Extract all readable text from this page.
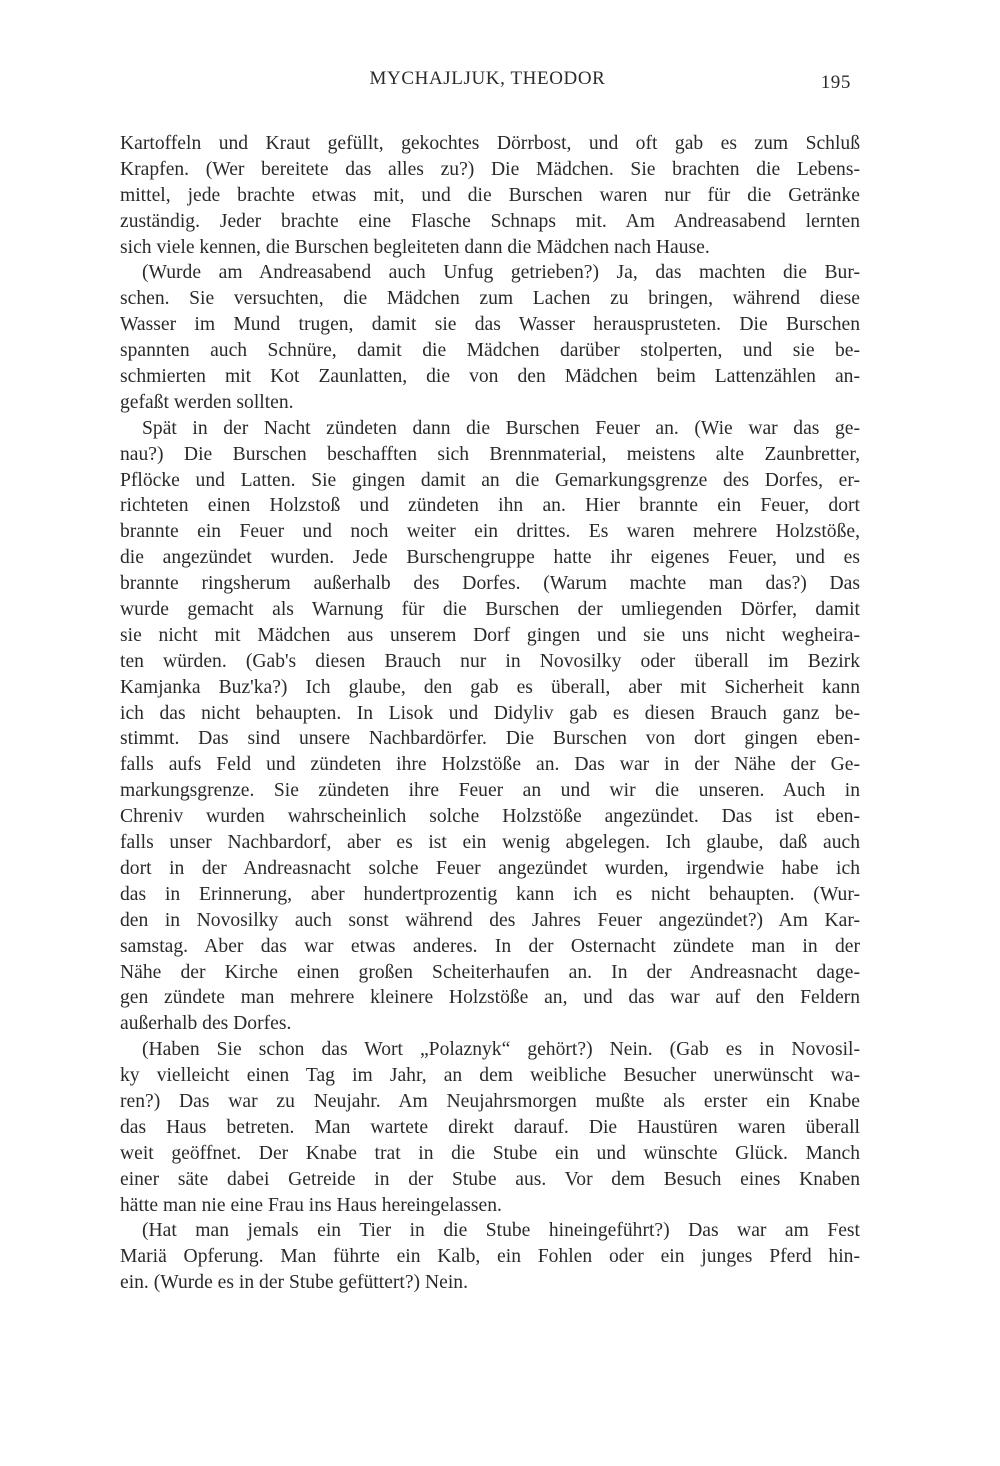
MYCHAJLJUK, THEODOR	195
Kartoffeln und Kraut gefüllt, gekochtes Dörrbost, und oft gab es zum Schluß
Krapfen. (Wer bereitete das alles zu?) Die Mädchen. Sie brachten die Lebens-
mittel, jede brachte etwas mit, und die Burschen waren nur für die Getränke
zuständig. Jeder brachte eine Flasche Schnaps mit. Am Andreasabend lernten
sich viele kennen, die Burschen begleiteten dann die Mädchen nach Hause.
(Wurde am Andreasabend auch Unfug getrieben?) Ja, das machten die Bur-
schen. Sie versuchten, die Mädchen zum Lachen zu bringen, während diese
Wasser im Mund trugen, damit sie das Wasser herausprusteten. Die Burschen
spannten auch Schnüre, damit die Mädchen darüber stolperten, und sie be-
schmierten mit Kot Zaunlatten, die von den Mädchen beim Lattenzählen an-
gefaßt werden sollten.
Spät in der Nacht zündeten dann die Burschen Feuer an. (Wie war das ge-
nau?) Die Burschen beschafften sich Brennmaterial, meistens alte Zaunbretter,
Pflöcke und Latten. Sie gingen damit an die Gemarkungsgrenze des Dorfes, er-
richteten einen Holzstoß und zündeten ihn an. Hier brannte ein Feuer, dort
brannte ein Feuer und noch weiter ein drittes. Es waren mehrere Holzstöße,
die angezündet wurden. Jede Burschengruppe hatte ihr eigenes Feuer, und es
brannte ringsherum außerhalb des Dorfes. (Warum machte man das?) Das
wurde gemacht als Warnung für die Burschen der umliegenden Dörfer, damit
sie nicht mit Mädchen aus unserem Dorf gingen und sie uns nicht wegheira-
ten würden. (Gab's diesen Brauch nur in Novosilky oder überall im Bezirk
Kamjanka Buz'ka?) Ich glaube, den gab es überall, aber mit Sicherheit kann
ich das nicht behaupten. In Lisok und Didyliv gab es diesen Brauch ganz be-
stimmt. Das sind unsere Nachbardörfer. Die Burschen von dort gingen eben-
falls aufs Feld und zündeten ihre Holzstöße an. Das war in der Nähe der Ge-
markungsgrenze. Sie zündeten ihre Feuer an und wir die unseren. Auch in
Chreniv wurden wahrscheinlich solche Holzstöße angezündet. Das ist eben-
falls unser Nachbardorf, aber es ist ein wenig abgelegen. Ich glaube, daß auch
dort in der Andreasnacht solche Feuer angezündet wurden, irgendwie habe ich
das in Erinnerung, aber hundertprozentig kann ich es nicht behaupten. (Wur-
den in Novosilky auch sonst während des Jahres Feuer angezündet?) Am Kar-
samstag. Aber das war etwas anderes. In der Osternacht zündete man in der
Nähe der Kirche einen großen Scheiterhaufen an. In der Andreasnacht dage-
gen zündete man mehrere kleinere Holzstöße an, und das war auf den Feldern
außerhalb des Dorfes.
(Haben Sie schon das Wort „Polaznyk“ gehört?) Nein. (Gab es in Novosil-
ky vielleicht einen Tag im Jahr, an dem weibliche Besucher unerwünscht wa-
ren?) Das war zu Neujahr. Am Neujahrsmorgen mußte als erster ein Knabe
das Haus betreten. Man wartete direkt darauf. Die Haustüren waren überall
weit geöffnet. Der Knabe trat in die Stube ein und wünschte Glück. Manch
einer säte dabei Getreide in der Stube aus. Vor dem Besuch eines Knaben
hätte man nie eine Frau ins Haus hereingelassen.
(Hat man jemals ein Tier in die Stube hineingeführt?) Das war am Fest
Mariä Opferung. Man führte ein Kalb, ein Fohlen oder ein junges Pferd hin-
ein. (Wurde es in der Stube gefüttert?) Nein.
